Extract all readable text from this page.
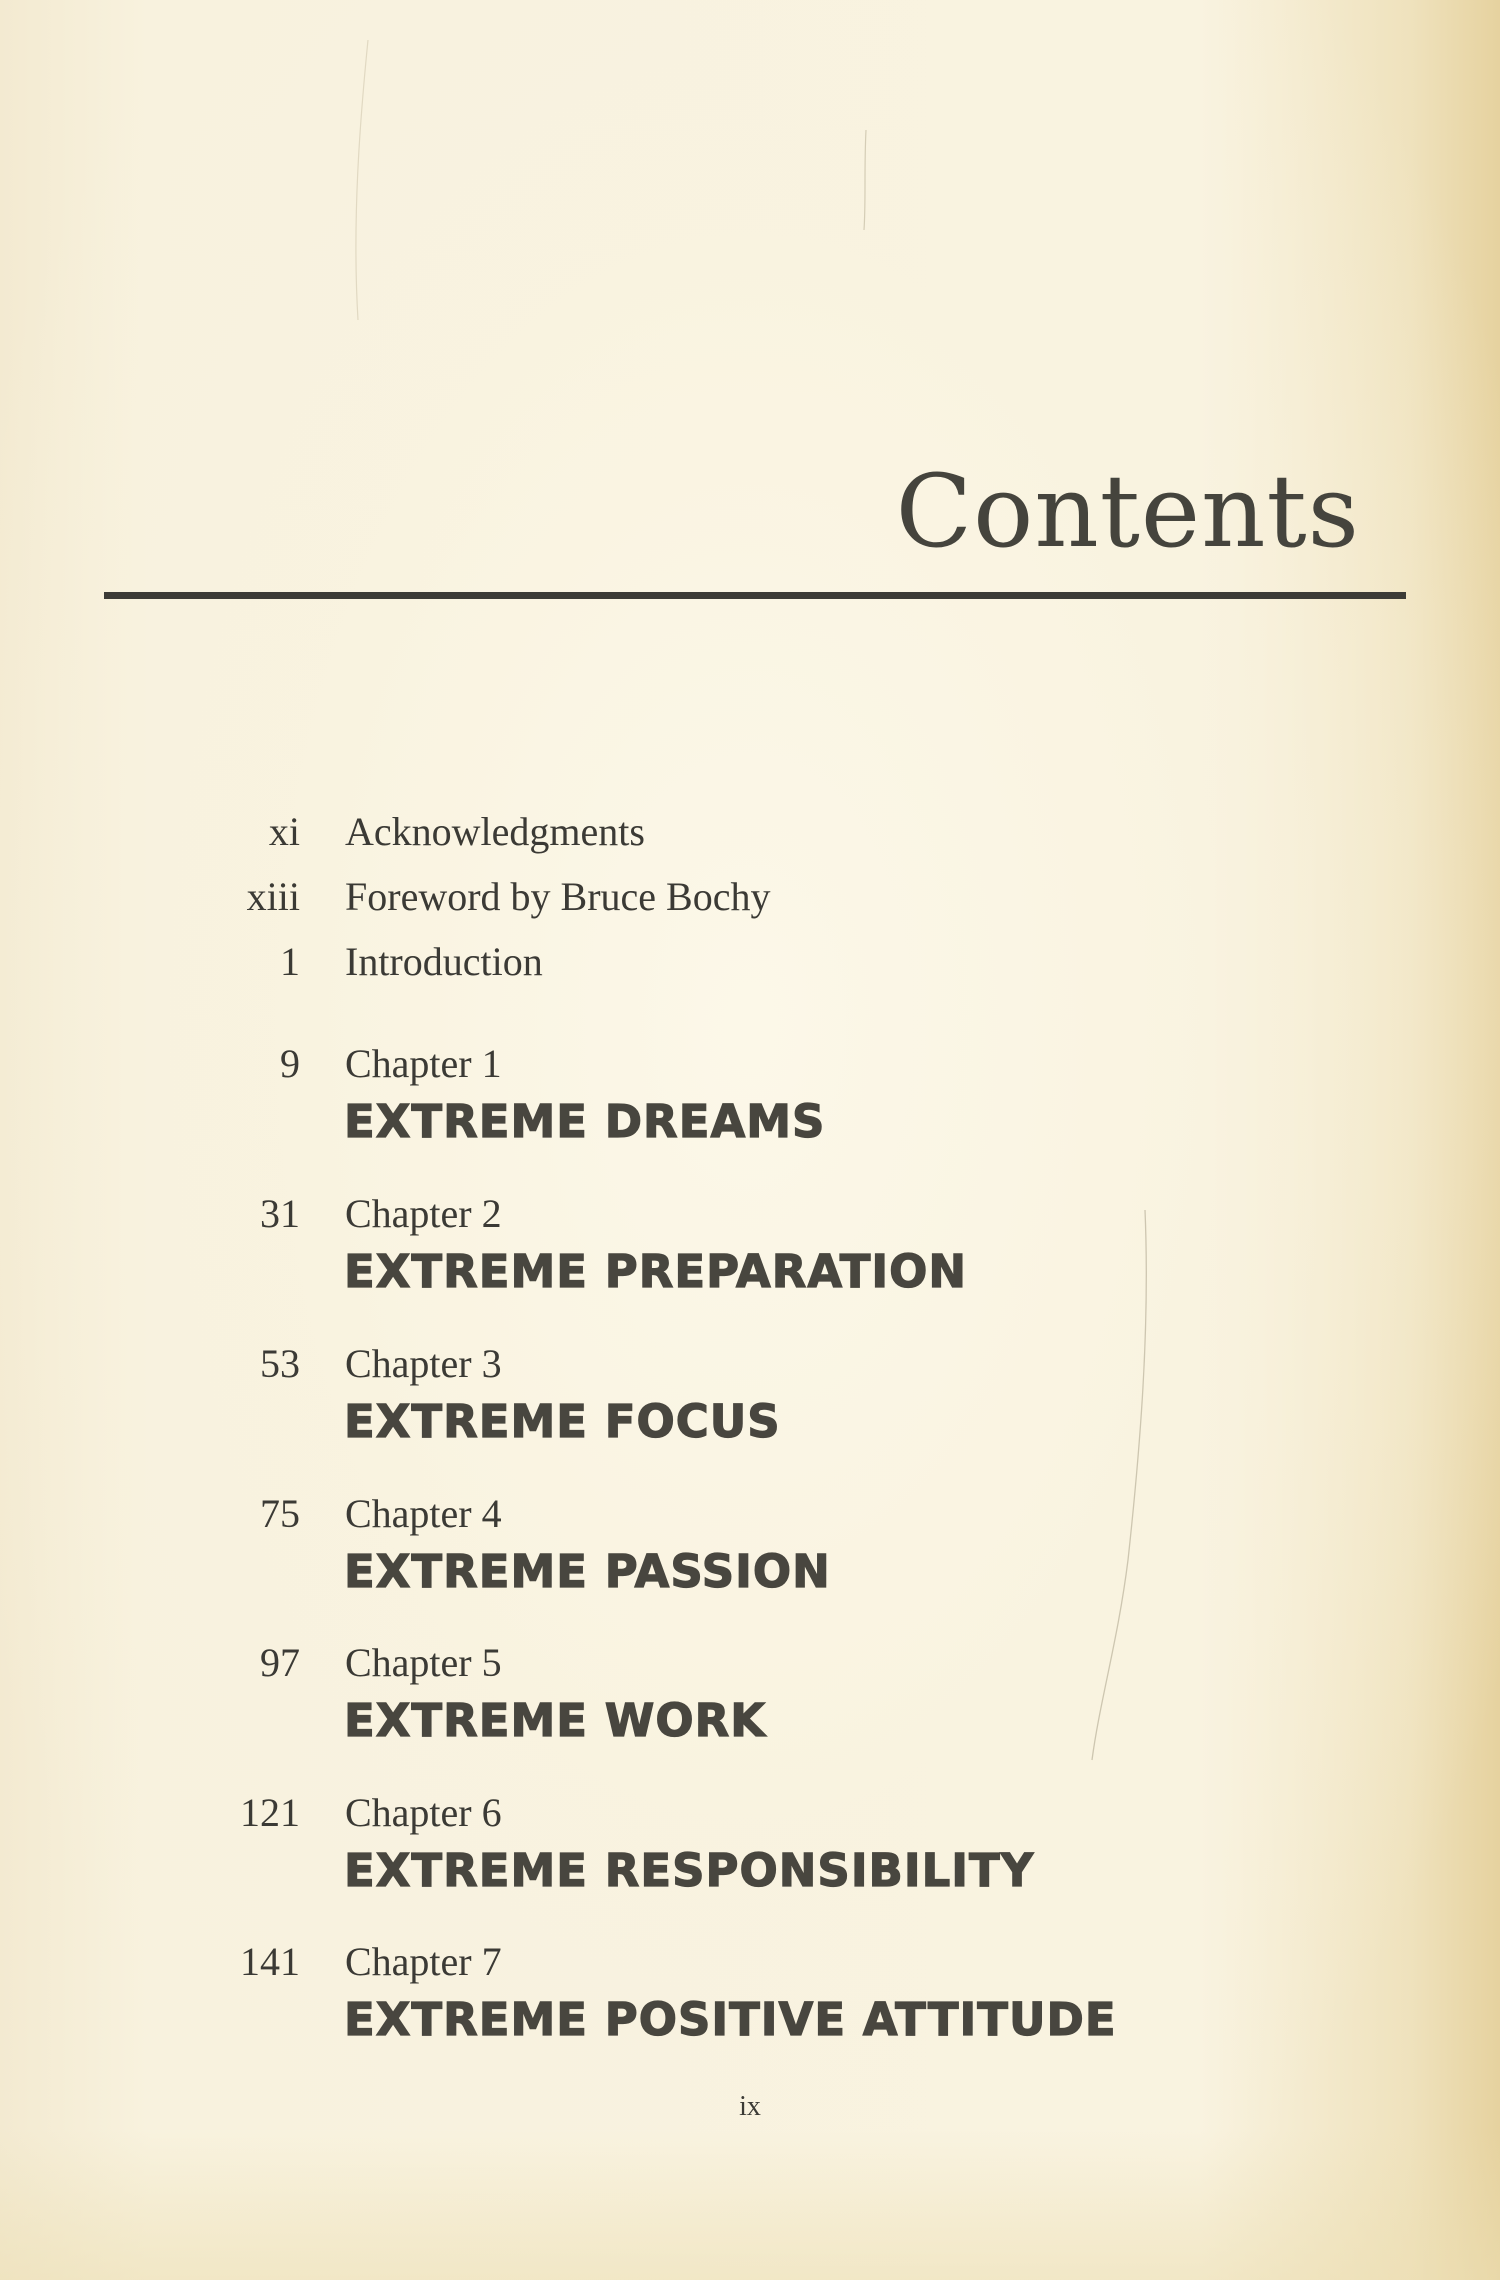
Contents
xi Acknowledgments
xiii Foreword by Bruce Bochy
1 Introduction
9 Chapter 1
EXTREME DREAMS
31 Chapter 2
EXTREME PREPARATION
53 Chapter 3
EXTREME FOCUS
75 Chapter 4
EXTREME PASSION
97 Chapter 5
EXTREME WORK
121 Chapter 6
EXTREME RESPONSIBILITY
141 Chapter 7
EXTREME POSITIVE ATTITUDE
ix
